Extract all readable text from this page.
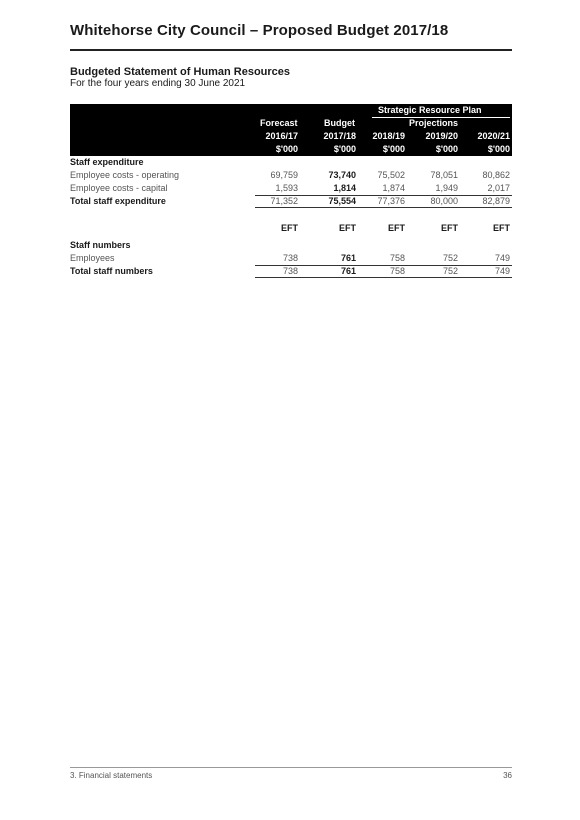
Whitehorse City Council – Proposed Budget 2017/18
Budgeted Statement of Human Resources
For the four years ending 30 June 2021
Strategic Resource Plan
Forecast	Budget	Projections
2016/17	2017/18	2018/19	2019/20	2020/21
$'000	$'000	$'000	$'000	$'000
Staff expenditure
Employee costs - operating	69,759	73,740	75,502	78,051	80,862
Employee costs - capital	1,593	1,814	1,874	1,949	2,017
Total staff expenditure	71,352	75,554	77,376	80,000	82,879
EFT	EFT	EFT	EFT	EFT
Staff numbers
Employees	738	761	758	752	749
Total staff numbers	738	761	758	752	749
3. Financial statements	36
